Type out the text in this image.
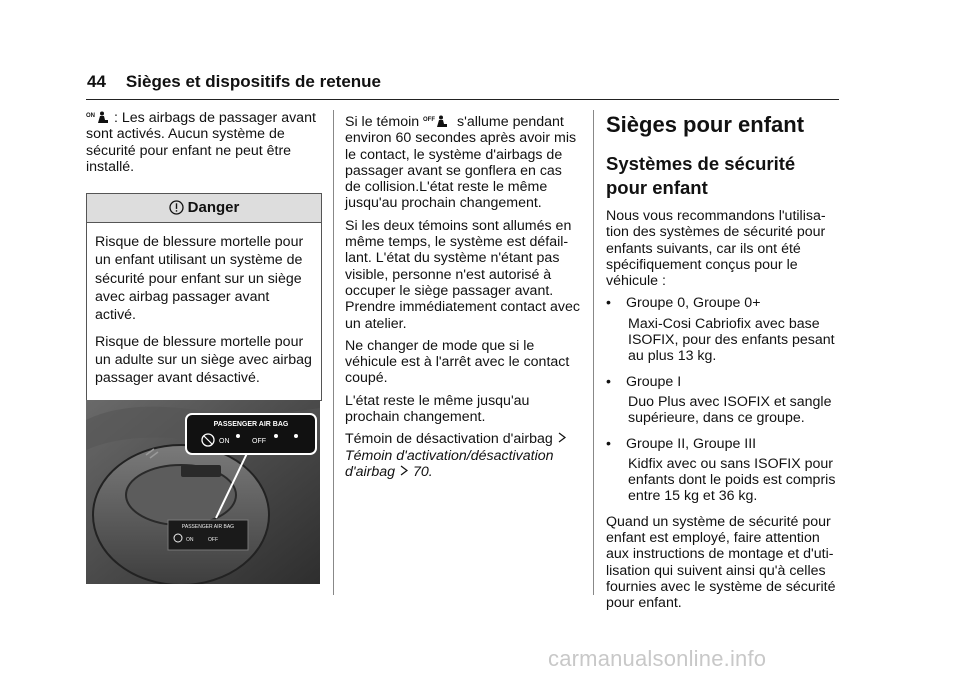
44 Sièges et dispositifs de retenue

ON : Les airbags de passager avant sont activés. Aucun système de sécurité pour enfant ne peut être installé.

Danger

Risque de blessure mortelle pour un enfant utilisant un système de sécurité pour enfant sur un siège avec airbag passager avant activé.

Risque de blessure mortelle pour un adulte sur un siège avec airbag passager avant désactivé.

PASSENGER AIR BAG
ON	OFF
PASSENGER AIR BAG
ON	OFF

Si le témoin OFF s'allume pendant environ 60 secondes après avoir mis le contact, le système d'airbags de passager avant se gonflera en cas de collision.L'état reste le même jusqu'au prochain changement.

Si les deux témoins sont allumés en même temps, le système est défail-lant. L'état du système n'étant pas visible, personne n'est autorisé à occuper le siège passager avant. Prendre immédiatement contact avec un atelier.

Ne changer de mode que si le véhicule est à l'arrêt avec le contact coupé.

L'état reste le même jusqu'au prochain changement.

Témoin de désactivation d'airbag
Témoin d'activation/désactivation d'airbag 70.

Sièges pour enfant
Systèmes de sécurité pour enfant

Nous vous recommandons l'utilisa-tion des systèmes de sécurité pour enfants suivants, car ils ont été spécifiquement conçus pour le véhicule :

•	Groupe 0, Groupe 0+

Maxi-Cosi Cabriofix avec base ISOFIX, pour des enfants pesant au plus 13 kg.

•	Groupe I

Duo Plus avec ISOFIX et sangle supérieure, dans ce groupe.

•	Groupe II, Groupe III

Kidfix avec ou sans ISOFIX pour enfants dont le poids est compris entre 15 kg et 36 kg.

Quand un système de sécurité pour enfant est employé, faire attention aux instructions de montage et d'uti-lisation qui suivent ainsi qu'à celles fournies avec le système de sécurité pour enfant.

carmanualsonline.info
